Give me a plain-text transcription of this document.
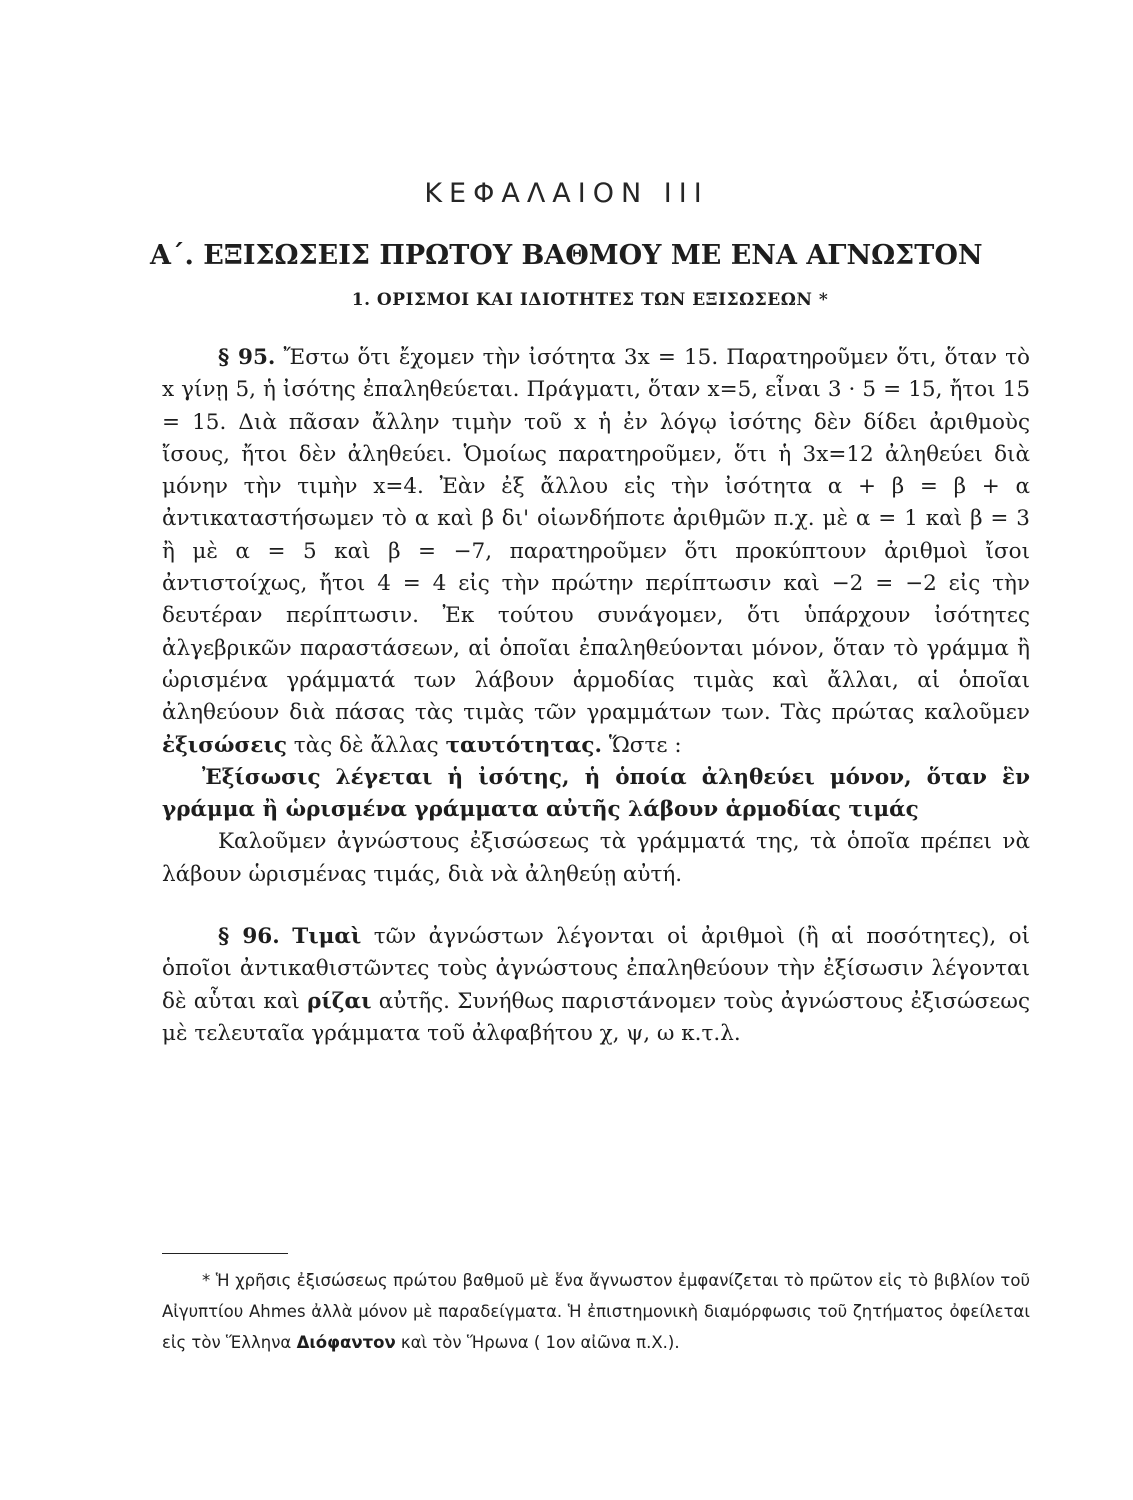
ΚΕΦΑΛΑΙΟΝ ΙΙΙ
Α΄. ΕΞΙΣΩΣΕΙΣ ΠΡΩΤΟΥ ΒΑΘΜΟΥ ΜΕ ΕΝΑ ΑΓΝΩΣΤΟΝ
1. ΟΡΙΣΜΟΙ ΚΑΙ ΙΔΙΟΤΗΤΕΣ ΤΩΝ ΕΞΙΣΩΣΕΩΝ *

§ 95. Ἔστω ὅτι ἔχομεν τὴν ἰσότητα 3x = 15. Παρατηροῦμεν ὅτι, ὅταν τὸ x γίνῃ 5, ἡ ἰσότης ἐπαληθεύεται. Πράγματι, ὅταν x=5, εἶναι 3 · 5 = 15, ἤτοι 15 = 15. Διὰ πᾶσαν ἄλλην τιμὴν τοῦ x ἡ ἐν λόγῳ ἰσότης δὲν δίδει ἀριθμοὺς ἴσους, ἤτοι δὲν ἀληθεύει. Ὁμοίως παρατηροῦμεν, ὅτι ἡ 3x=12 ἀληθεύει διὰ μόνην τὴν τιμὴν x=4. Ἐὰν ἐξ ἄλλου εἰς τὴν ἰσότητα α + β = β + α ἀντικαταστήσωμεν τὸ α καὶ β δι' οἱωνδήποτε ἀριθμῶν π.χ. μὲ α = 1 καὶ β = 3 ἢ μὲ α = 5 καὶ β = −7, παρατηροῦμεν ὅτι προκύπτουν ἀριθμοὶ ἴσοι ἀντιστοίχως, ἤτοι 4 = 4 εἰς τὴν πρώτην περίπτωσιν καὶ −2 = −2 εἰς τὴν δευτέραν περίπτωσιν. Ἐκ τούτου συνάγομεν, ὅτι ὑπάρχουν ἰσότητες ἀλγεβρικῶν παραστάσεων, αἱ ὁποῖαι ἐπαληθεύονται μόνον, ὅταν τὸ γράμμα ἢ ὡρισμένα γράμματά των λάβουν ἁρμοδίας τιμὰς καὶ ἄλλαι, αἱ ὁποῖαι ἀληθεύουν διὰ πάσας τὰς τιμὰς τῶν γραμμάτων των. Τὰς πρώτας καλοῦμεν ἐξισώσεις τὰς δὲ ἄλλας ταυτότητας. Ὥστε :

Ἐξίσωσις λέγεται ἡ ἰσότης, ἡ ὁποία ἀληθεύει μόνον, ὅταν ἓν γράμμα ἢ ὡρισμένα γράμματα αὐτῆς λάβουν ἁρμοδίας τιμάς

Καλοῦμεν ἀγνώστους ἐξισώσεως τὰ γράμματά της, τὰ ὁποῖα πρέπει νὰ λάβουν ὡρισμένας τιμάς, διὰ νὰ ἀληθεύῃ αὐτή.

§ 96. Τιμαὶ τῶν ἀγνώστων λέγονται οἱ ἀριθμοὶ (ἢ αἱ ποσότητες), οἱ ὁποῖοι ἀντικαθιστῶντες τοὺς ἀγνώστους ἐπαληθεύουν τὴν ἐξίσωσιν λέγονται δὲ αὗται καὶ ρίζαι αὐτῆς. Συνήθως παριστάνομεν τοὺς ἀγνώστους ἐξισώσεως μὲ τελευταῖα γράμματα τοῦ ἀλφαβήτου χ, ψ, ω κ.τ.λ.

* Ἡ χρῆσις ἐξισώσεως πρώτου βαθμοῦ μὲ ἕνα ἄγνωστον ἐμφανίζεται τὸ πρῶτον εἰς τὸ βιβλίον τοῦ Αἰγυπτίου Ahmes ἀλλὰ μόνον μὲ παραδείγματα. Ἡ ἐπιστημονικὴ διαμόρφωσις τοῦ ζητήματος ὀφείλεται εἰς τὸν Ἕλληνα Διόφαντον καὶ τὸν Ἥρωνα ( 1ον αἰῶνα π.Χ.).
